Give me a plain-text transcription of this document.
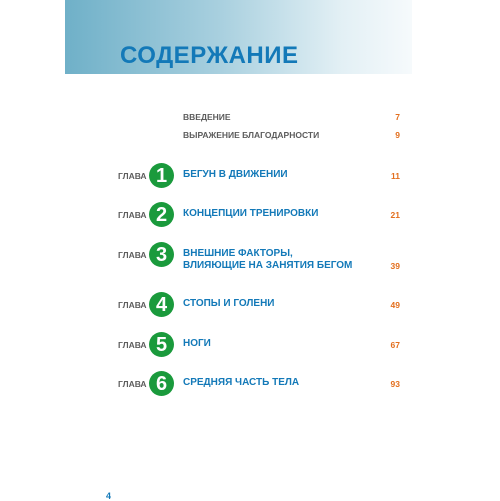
СОДЕРЖАНИЕ
ВВЕДЕНИЕ	7
ВЫРАЖЕНИЕ БЛАГОДАРНОСТИ	9
ГЛАВА 1	БЕГУН В ДВИЖЕНИИ	11
ГЛАВА 2	КОНЦЕПЦИИ ТРЕНИРОВКИ	21
ГЛАВА 3	ВНЕШНИЕ ФАКТОРЫ,
ВЛИЯЮЩИЕ НА ЗАНЯТИЯ БЕГОМ	39
ГЛАВА 4	СТОПЫ И ГОЛЕНИ	49
ГЛАВА 5	НОГИ	67
ГЛАВА 6	СРЕДНЯЯ ЧАСТЬ ТЕЛА	93
4
